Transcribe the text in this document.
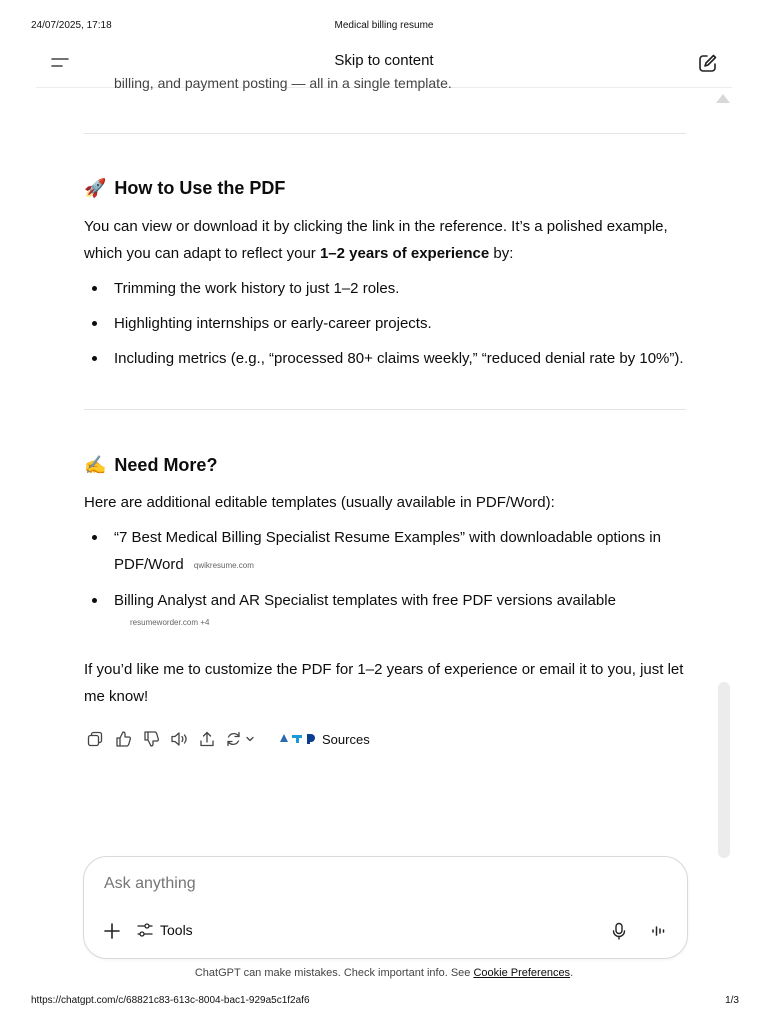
24/07/2025, 17:18	Medical billing resume
Skip to content
billing, and payment posting — all in a single template.
🚀 How to Use the PDF

You can view or download it by clicking the link in the reference. It’s a polished example, which you can adapt to reflect your 1–2 years of experience by:

Trimming the work history to just 1–2 roles.
Highlighting internships or early-career projects.
Including metrics (e.g., “processed 80+ claims weekly,” “reduced denial rate by 10%”).
✍️ Need More?

Here are additional editable templates (usually available in PDF/Word):

“7 Best Medical Billing Specialist Resume Examples” with downloadable options in PDF/Word qwikresume.com
Billing Analyst and AR Specialist templates with free PDF versions available
resumeworder.com +4

If you’d like me to customize the PDF for 1–2 years of experience or email it to you, just let me know!

Sources
Ask anything
Tools
ChatGPT can make mistakes. Check important info. See Cookie Preferences.
https://chatgpt.com/c/68821c83-613c-8004-bac1-929a5c1f2af6	1/3
